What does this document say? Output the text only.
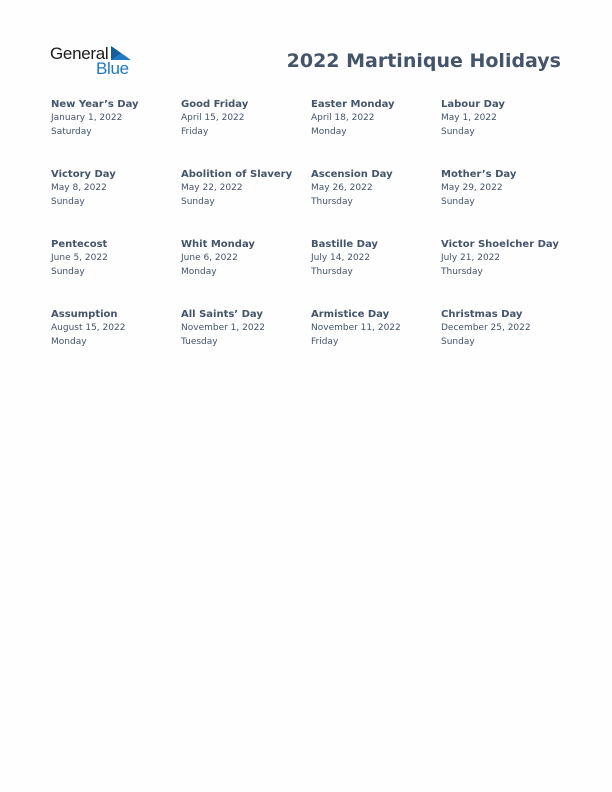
General
Blue	2022 Martinique Holidays
New Year’s Day
January 1, 2022
Saturday
Good Friday
April 15, 2022
Friday
Easter Monday
April 18, 2022
Monday
Labour Day
May 1, 2022
Sunday
Victory Day
May 8, 2022
Sunday
Abolition of Slavery
May 22, 2022
Sunday
Ascension Day
May 26, 2022
Thursday
Mother’s Day
May 29, 2022
Sunday
Pentecost
June 5, 2022
Sunday
Whit Monday
June 6, 2022
Monday
Bastille Day
July 14, 2022
Thursday
Victor Shoelcher Day
July 21, 2022
Thursday
Assumption
August 15, 2022
Monday
All Saints’ Day
November 1, 2022
Tuesday
Armistice Day
November 11, 2022
Friday
Christmas Day
December 25, 2022
Sunday
